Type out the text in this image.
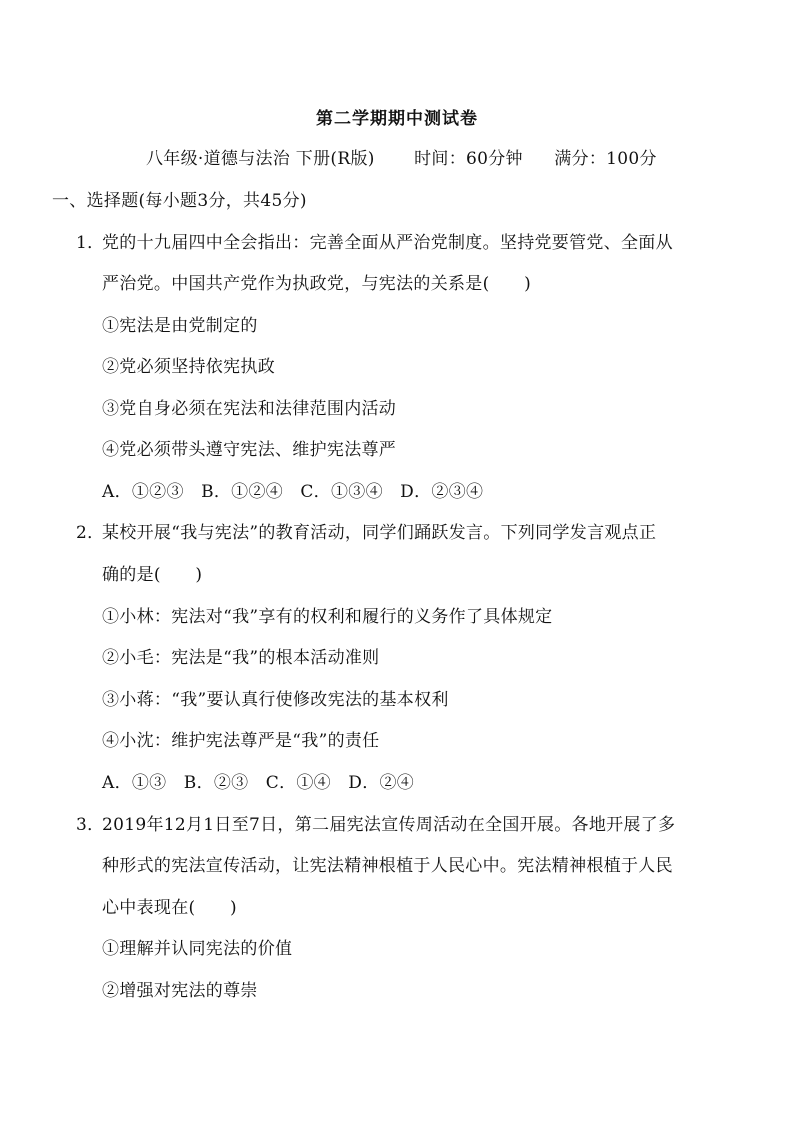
第二学期期中测试卷
八年级·道德与法治 下册(R版) 时间：60分钟 满分：100分
一、选择题(每小题3分，共45分)
1．党的十九届四中全会指出：完善全面从严治党制度。坚持党要管党、全面从
严治党。中国共产党作为执政党，与宪法的关系是(　　)
①宪法是由党制定的
②党必须坚持依宪执政
③党自身必须在宪法和法律范围内活动
④党必须带头遵守宪法、维护宪法尊严
A．①②③　B．①②④　C．①③④　D．②③④
2．某校开展“我与宪法”的教育活动，同学们踊跃发言。下列同学发言观点正
确的是(　　)
①小林：宪法对“我”享有的权利和履行的义务作了具体规定
②小毛：宪法是“我”的根本活动准则
③小蒋：“我”要认真行使修改宪法的基本权利
④小沈：维护宪法尊严是“我”的责任
A．①③　B．②③　C．①④　D．②④
3．2019年12月1日至7日，第二届宪法宣传周活动在全国开展。各地开展了多
种形式的宪法宣传活动，让宪法精神根植于人民心中。宪法精神根植于人民
心中表现在(　　)
①理解并认同宪法的价值
②增强对宪法的尊崇
